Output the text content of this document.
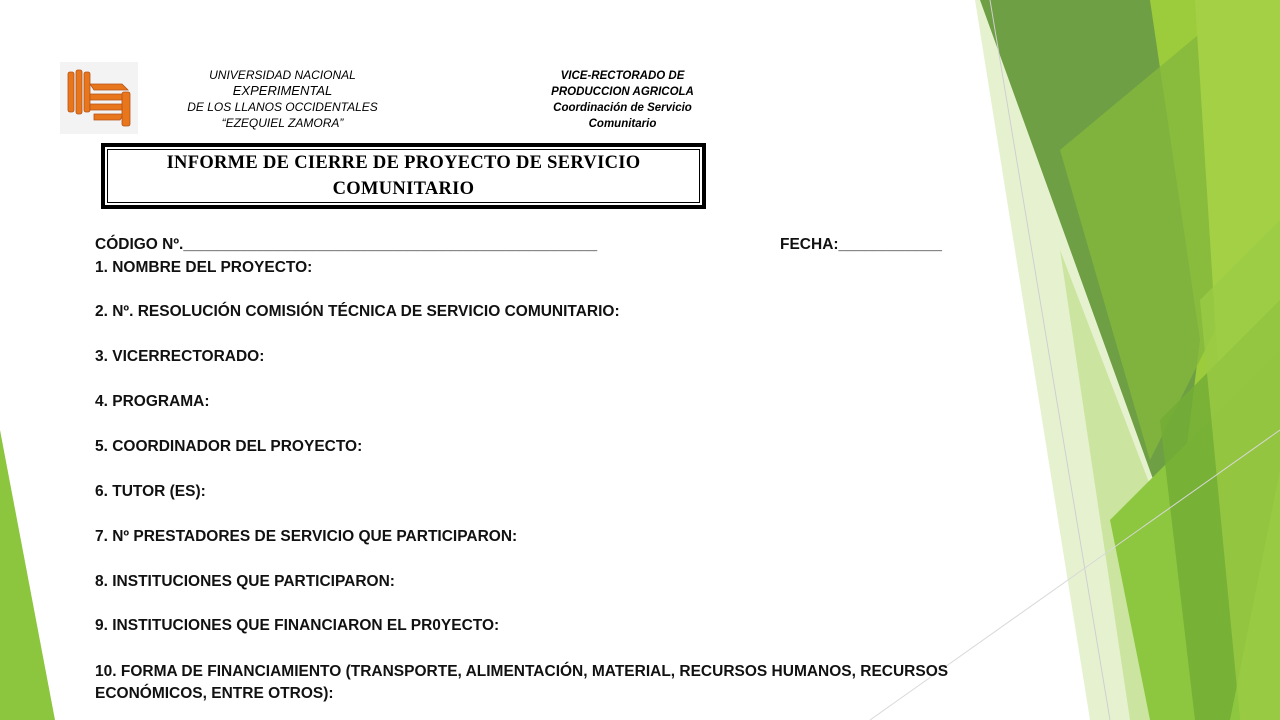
UNIVERSIDAD NACIONAL
EXPERIMENTAL
DE LOS LLANOS OCCIDENTALES
“EZEQUIEL ZAMORA”
VICE-RECTORADO DE
PRODUCCION AGRICOLA
Coordinación de Servicio
Comunitario
INFORME DE CIERRE DE PROYECTO DE SERVICIO
COMUNITARIO
CÓDIGO Nº.________________________________________________	FECHA:____________
1. NOMBRE DEL PROYECTO:
2. Nº. RESOLUCIÓN COMISIÓN TÉCNICA DE SERVICIO COMUNITARIO:
3. VICERRECTORADO:
4. PROGRAMA:
5. COORDINADOR DEL PROYECTO:
6. TUTOR (ES):
7. Nº PRESTADORES DE SERVICIO QUE PARTICIPARON:
8. INSTITUCIONES QUE PARTICIPARON:
9. INSTITUCIONES QUE FINANCIARON EL PR0YECTO:
10. FORMA DE FINANCIAMIENTO (TRANSPORTE, ALIMENTACIÓN, MATERIAL, RECURSOS HUMANOS, RECURSOS ECONÓMICOS, ENTRE OTROS):
